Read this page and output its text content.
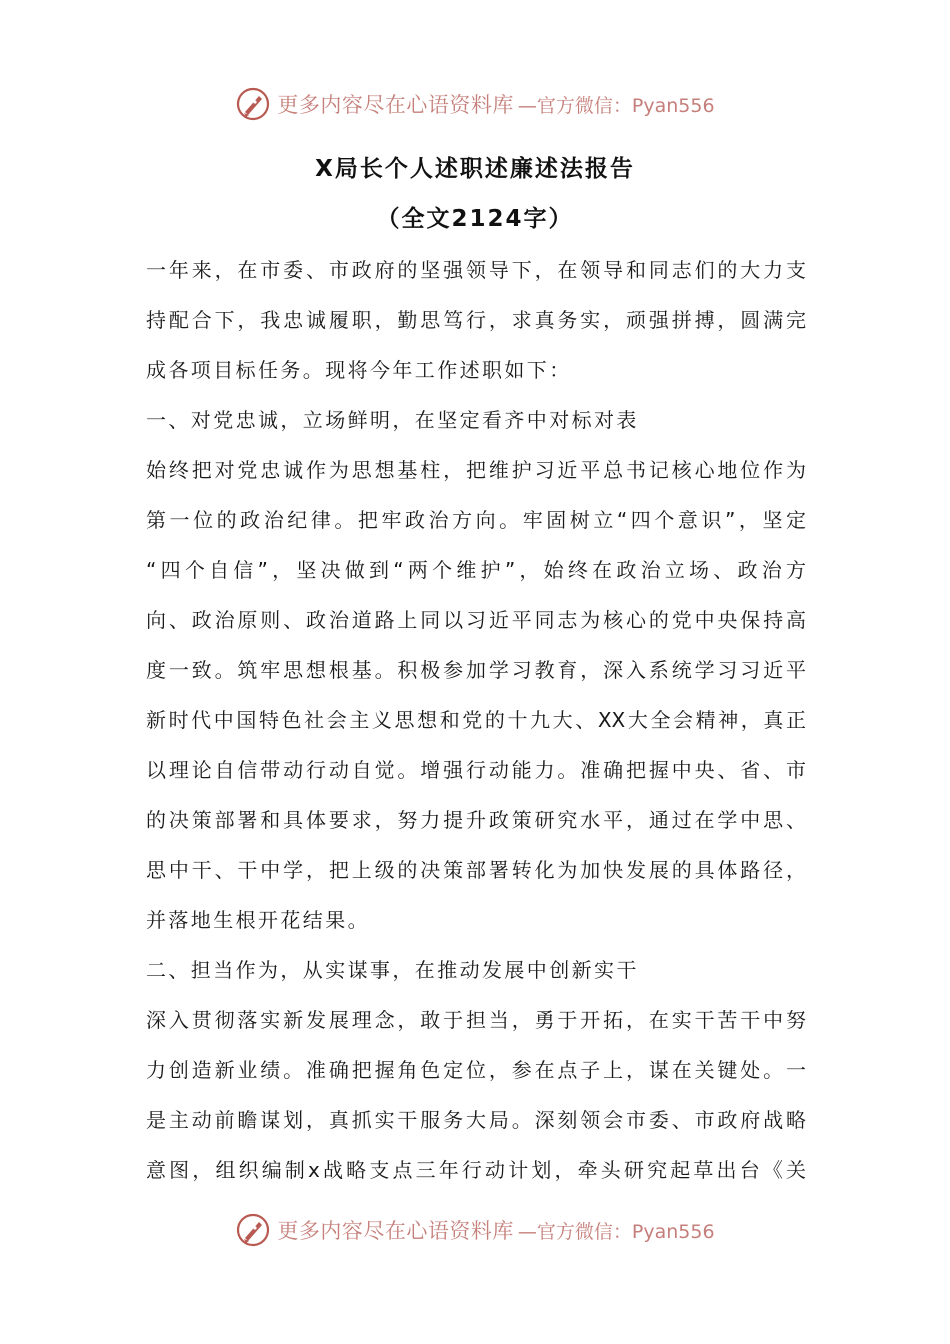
更多内容尽在心语资料库 —官方微信：Pyan556
X局长个人述职述廉述法报告
（全文2124字）
一年来，在市委、市政府的坚强领导下，在领导和同志们的大力支
持配合下，我忠诚履职，勤思笃行，求真务实，顽强拼搏，圆满完
成各项目标任务。现将今年工作述职如下：
一、对党忠诚，立场鲜明，在坚定看齐中对标对表
始终把对党忠诚作为思想基柱，把维护习近平总书记核心地位作为
第一位的政治纪律。把牢政治方向。牢固树立“四个意识”，坚定
“四个自信”，坚决做到“两个维护”，始终在政治立场、政治方
向、政治原则、政治道路上同以习近平同志为核心的党中央保持高
度一致。筑牢思想根基。积极参加学习教育，深入系统学习习近平
新时代中国特色社会主义思想和党的十九大、XX大全会精神，真正
以理论自信带动行动自觉。增强行动能力。准确把握中央、省、市
的决策部署和具体要求，努力提升政策研究水平，通过在学中思、
思中干、干中学，把上级的决策部署转化为加快发展的具体路径，
并落地生根开花结果。
二、担当作为，从实谋事，在推动发展中创新实干
深入贯彻落实新发展理念，敢于担当，勇于开拓，在实干苦干中努
力创造新业绩。准确把握角色定位，参在点子上，谋在关键处。一
是主动前瞻谋划，真抓实干服务大局。深刻领会市委、市政府战略
意图，组织编制x战略支点三年行动计划，牵头研究起草出台《关
更多内容尽在心语资料库 —官方微信：Pyan556
